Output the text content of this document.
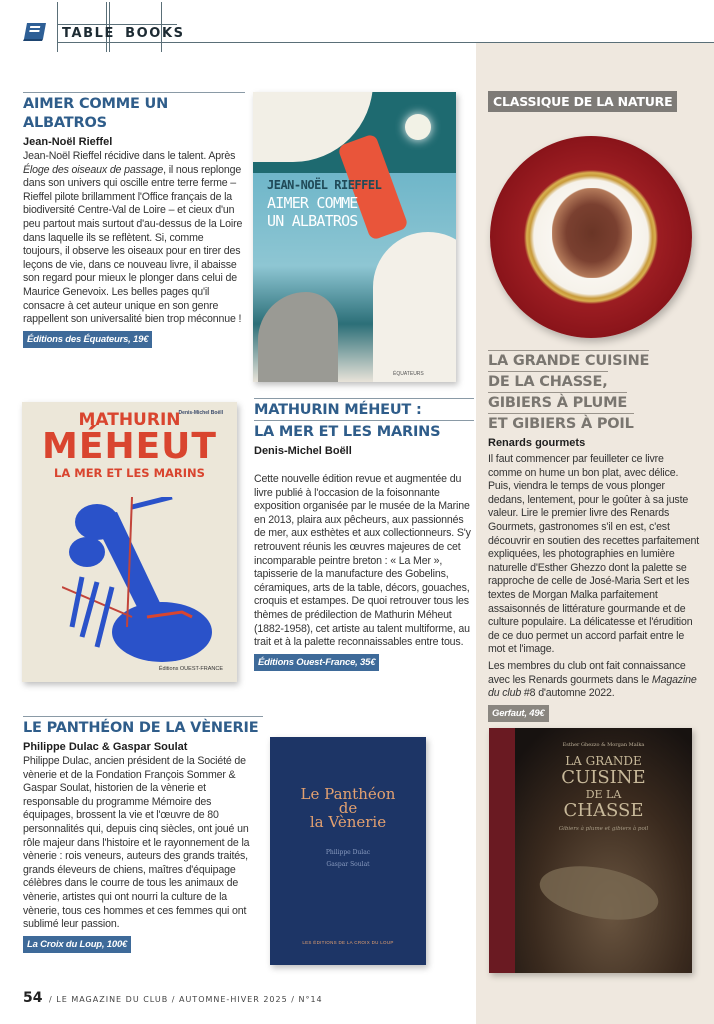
TABLE BOOKS
AIMER COMME UN ALBATROS
Jean-Noël Rieffel
Jean-Noël Rieffel récidive dans le talent. Après Éloge des oiseaux de passage, il nous replonge dans son univers qui oscille entre terre ferme – Rieffel pilote brillamment l'Office français de la biodiversité Centre-Val de Loire – et cieux d'un peu partout mais surtout d'au-dessus de la Loire dans laquelle ils se reflètent. Si, comme toujours, il observe les oiseaux pour en tirer des leçons de vie, dans ce nouveau livre, il abaisse son regard pour mieux le plonger dans celui de Maurice Genevoix. Les belles pages qu'il consacre à cet auteur unique en son genre rappellent son universalité bien trop méconnue !
Éditions des Équateurs, 19€
JEAN-NOËL RIEFFEL
AIMER COMME
UN ALBATROS
ÉQUATEURS
Denis-Michel Boëll
MATHURIN
MÉHEUT
LA MER ET LES MARINS
Éditions OUEST-FRANCE
MATHURIN MÉHEUT :
LA MER ET LES MARINS
Denis-Michel Boëll
Cette nouvelle édition revue et augmentée du livre publié à l'occasion de la foisonnante exposition organisée par le musée de la Marine en 2013, plaira aux pêcheurs, aux passionnés de mer, aux esthètes et aux collectionneurs. S'y retrouvent réunis les œuvres majeures de cet incomparable peintre breton : « La Mer », tapisserie de la manufacture des Gobelins, céramiques, arts de la table, décors, gouaches, croquis et estampes. De quoi retrouver tous les thèmes de prédilection de Mathurin Méheut (1882-1958), cet artiste au talent multiforme, au trait et à la palette reconnaissables entre tous.
Éditions Ouest-France, 35€
LE PANTHÉON DE LA VÈNERIE
Philippe Dulac & Gaspar Soulat
Philippe Dulac, ancien président de la Société de vènerie et de la Fondation François Sommer & Gaspar Soulat, historien de la vènerie et responsable du programme Mémoire des équipages, brossent la vie et l'œuvre de 80 personnalités qui, depuis cinq siècles, ont joué un rôle majeur dans l'histoire et le rayonnement de la vènerie : rois veneurs, auteurs des grands traités, grands éleveurs de chiens, maîtres d'équipage célèbres dans le courre de tous les animaux de vènerie, artistes qui ont nourri la culture de la vènerie, tous ces hommes et ces femmes qui ont sublimé leur passion.
La Croix du Loup, 100€
Le Panthéon
de
la Vènerie
Philippe Dulac
Gaspar Soulat
LES ÉDITIONS DE LA CROIX DU LOUP
CLASSIQUE DE LA NATURE
LA GRANDE CUISINE
DE LA CHASSE,
GIBIERS À PLUME
ET GIBIERS À POIL
Renards gourmets
Il faut commencer par feuilleter ce livre comme on hume un bon plat, avec délice. Puis, viendra le temps de vous plonger dedans, lentement, pour le goûter à sa juste valeur. Lire le premier livre des Renards Gourmets, gastronomes s'il en est, c'est découvrir en soutien des recettes parfaitement expliquées, les photographies en lumière naturelle d'Esther Ghezzo dont la palette se rapproche de celle de José-Maria Sert et les textes de Morgan Malka parfaitement assaisonnés de littérature gourmande et de culture populaire. La délicatesse et l'érudition de ce duo permet un accord parfait entre le mot et l'image.
Les membres du club ont fait connaissance avec les Renards gourmets dans le Magazine du club #8 d'automne 2022.
Gerfaut, 49€
Esther Ghezzo & Morgan Malka
LA GRANDE
CUISINE
DE LA
CHASSE
Gibiers à plume et gibiers à poil
54 / LE MAGAZINE DU CLUB / AUTOMNE-HIVER 2025 / N°14
